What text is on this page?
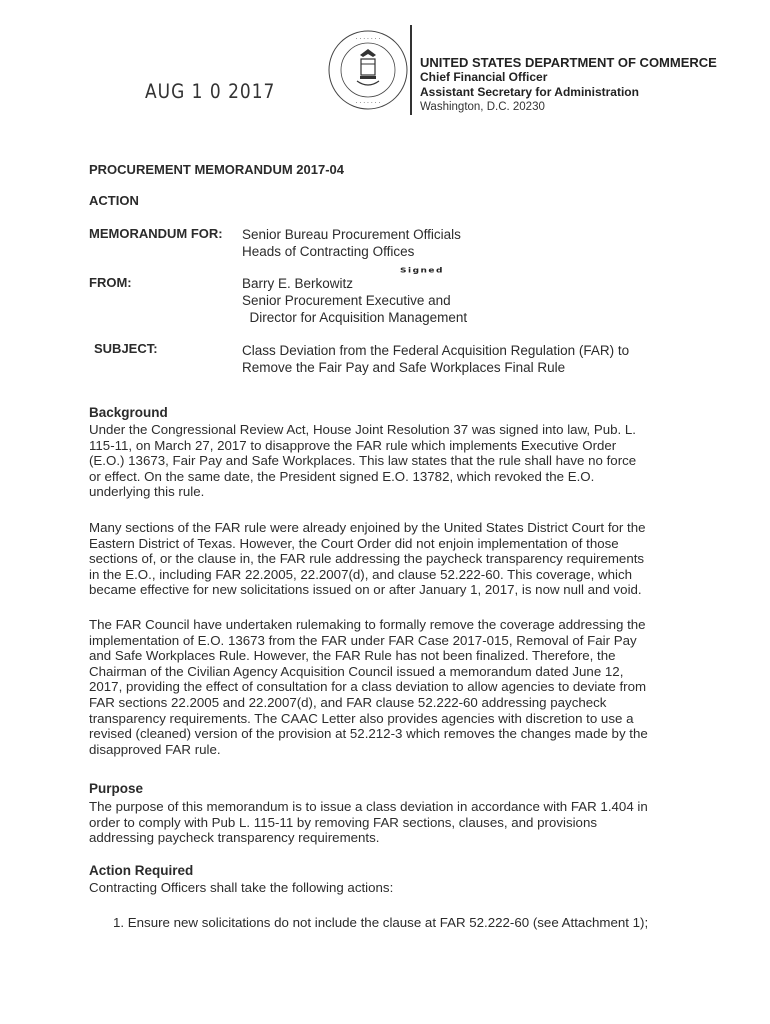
AUG 1 0 2017
· · · · · · ·
· · · · · · ·
UNITED STATES DEPARTMENT OF COMMERCE
Chief Financial Officer
Assistant Secretary for Administration
Washington, D.C. 20230
PROCUREMENT MEMORANDUM 2017-04
ACTION
MEMORANDUM FOR: Senior Bureau Procurement Officials
Heads of Contracting Offices
Signed
FROM:	Barry E. Berkowitz
Senior Procurement Executive and
Director for Acquisition Management
SUBJECT:	Class Deviation from the Federal Acquisition Regulation (FAR) to
Remove the Fair Pay and Safe Workplaces Final Rule
Background
Under the Congressional Review Act, House Joint Resolution 37 was signed into law, Pub. L.
115-11, on March 27, 2017 to disapprove the FAR rule which implements Executive Order
(E.O.) 13673, Fair Pay and Safe Workplaces. This law states that the rule shall have no force
or effect. On the same date, the President signed E.O. 13782, which revoked the E.O.
underlying this rule.
Many sections of the FAR rule were already enjoined by the United States District Court for the
Eastern District of Texas. However, the Court Order did not enjoin implementation of those
sections of, or the clause in, the FAR rule addressing the paycheck transparency requirements
in the E.O., including FAR 22.2005, 22.2007(d), and clause 52.222-60. This coverage, which
became effective for new solicitations issued on or after January 1, 2017, is now null and void.
The FAR Council have undertaken rulemaking to formally remove the coverage addressing the
implementation of E.O. 13673 from the FAR under FAR Case 2017-015, Removal of Fair Pay
and Safe Workplaces Rule. However, the FAR Rule has not been finalized. Therefore, the
Chairman of the Civilian Agency Acquisition Council issued a memorandum dated June 12,
2017, providing the effect of consultation for a class deviation to allow agencies to deviate from
FAR sections 22.2005 and 22.2007(d), and FAR clause 52.222-60 addressing paycheck
transparency requirements. The CAAC Letter also provides agencies with discretion to use a
revised (cleaned) version of the provision at 52.212-3 which removes the changes made by the
disapproved FAR rule.
Purpose
The purpose of this memorandum is to issue a class deviation in accordance with FAR 1.404 in
order to comply with Pub L. 115-11 by removing FAR sections, clauses, and provisions
addressing paycheck transparency requirements.
Action Required
Contracting Officers shall take the following actions:
1. Ensure new solicitations do not include the clause at FAR 52.222-60 (see Attachment 1);
